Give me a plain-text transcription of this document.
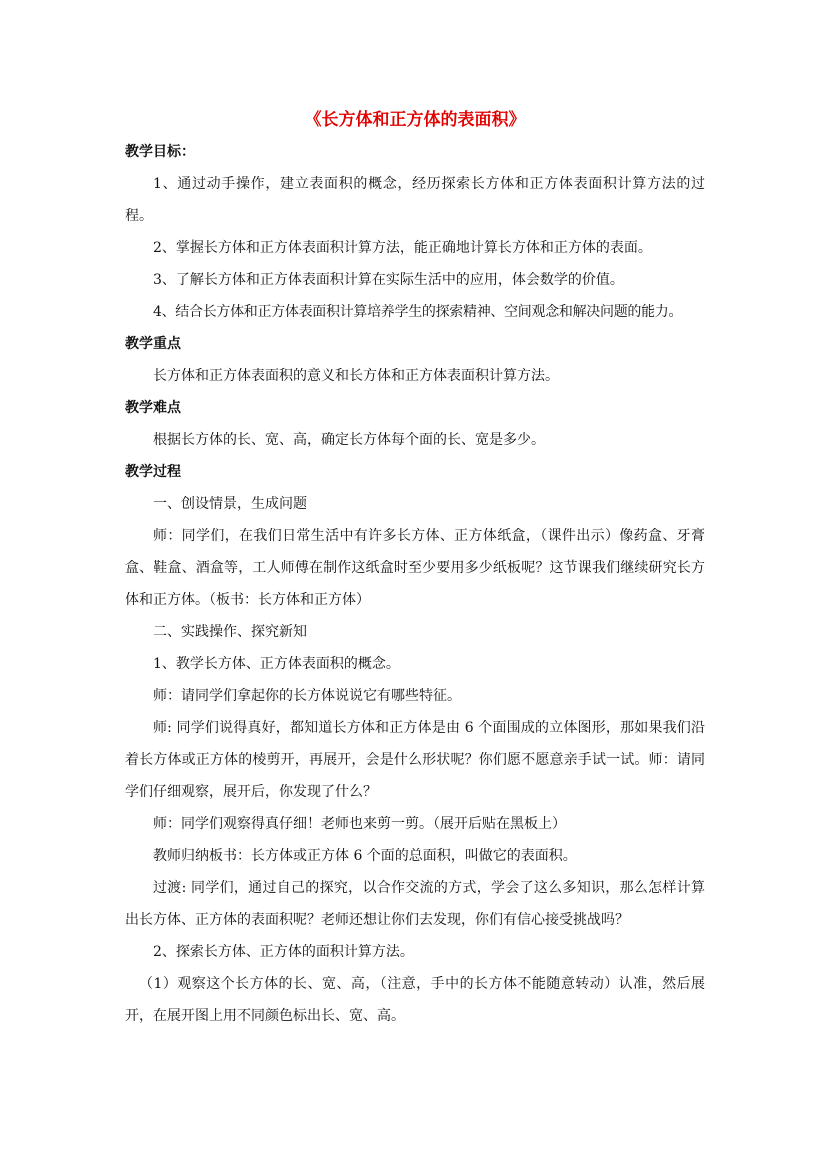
《长方体和正方体的表面积》
教学目标：
1、通过动手操作，建立表面积的概念，经历探索长方体和正方体表面积计算方法的过程。
2、掌握长方体和正方体表面积计算方法，能正确地计算长方体和正方体的表面。
3、了解长方体和正方体表面积计算在实际生活中的应用，体会数学的价值。
4、结合长方体和正方体表面积计算培养学生的探索精神、空间观念和解决问题的能力。
教学重点
长方体和正方体表面积的意义和长方体和正方体表面积计算方法。
教学难点
根据长方体的长、宽、高，确定长方体每个面的长、宽是多少。
教学过程
一、创设情景，生成问题
师：同学们，在我们日常生活中有许多长方体、正方体纸盒，（课件出示）像药盒、牙膏盒、鞋盒、酒盒等，工人师傅在制作这纸盒时至少要用多少纸板呢？这节课我们继续研究长方体和正方体。（板书：长方体和正方体）
二、实践操作、探究新知
1、教学长方体、正方体表面积的概念。
师：请同学们拿起你的长方体说说它有哪些特征。
师: 同学们说得真好，都知道长方体和正方体是由 6 个面围成的立体图形，那如果我们沿着长方体或正方体的棱剪开，再展开，会是什么形状呢？你们愿不愿意亲手试一试。师：请同学们仔细观察，展开后，你发现了什么？
师：同学们观察得真仔细！老师也来剪一剪。（展开后贴在黑板上）
教师归纳板书：长方体或正方体 6 个面的总面积，叫做它的表面积。
过渡: 同学们，通过自己的探究，以合作交流的方式，学会了这么多知识，那么怎样计算出长方体、正方体的表面积呢？老师还想让你们去发现，你们有信心接受挑战吗？
2、探索长方体、正方体的面积计算方法。
（1）观察这个长方体的长、宽、高，（注意，手中的长方体不能随意转动）认准，然后展开，在展开图上用不同颜色标出长、宽、高。
